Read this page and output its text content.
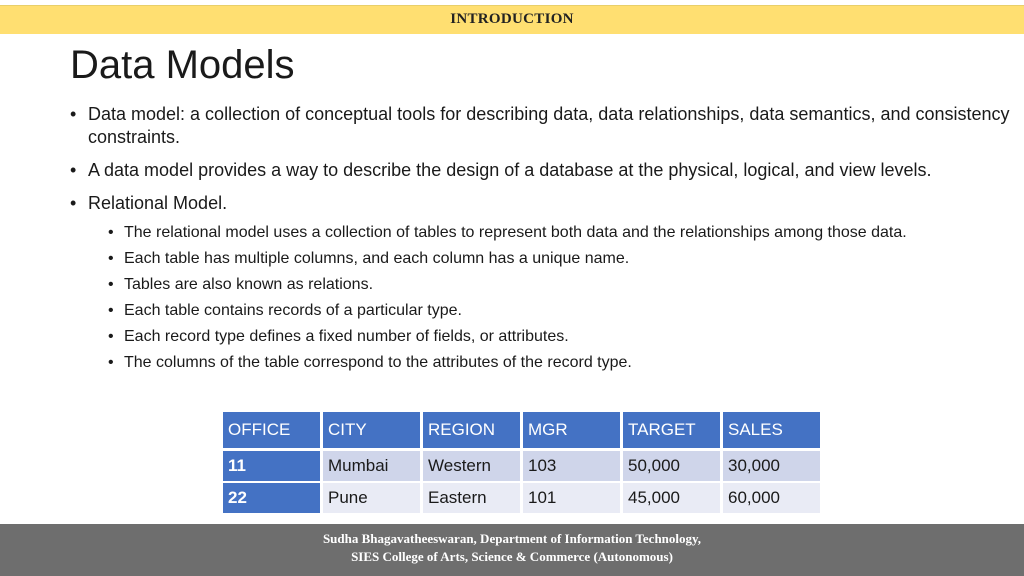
INTRODUCTION
Data Models
• Data model: a collection of conceptual tools for describing data, data relationships, data semantics, and consistency constraints.
• A data model provides a way to describe the design of a database at the physical, logical, and view levels.
• Relational Model.
• The relational model uses a collection of tables to represent both data and the relationships among those data.
• Each table has multiple columns, and each column has a unique name.
• Tables are also known as relations.
• Each table contains records of a particular type.
• Each record type defines a fixed number of fields, or attributes.
• The columns of the table correspond to the attributes of the record type.
OFFICE	CITY	REGION	MGR	TARGET	SALES
11	Mumbai	Western	103	50,000	30,000
22	Pune	Eastern	101	45,000	60,000
Sudha Bhagavatheeswaran, Department of Information Technology,
SIES College of Arts, Science & Commerce (Autonomous)
